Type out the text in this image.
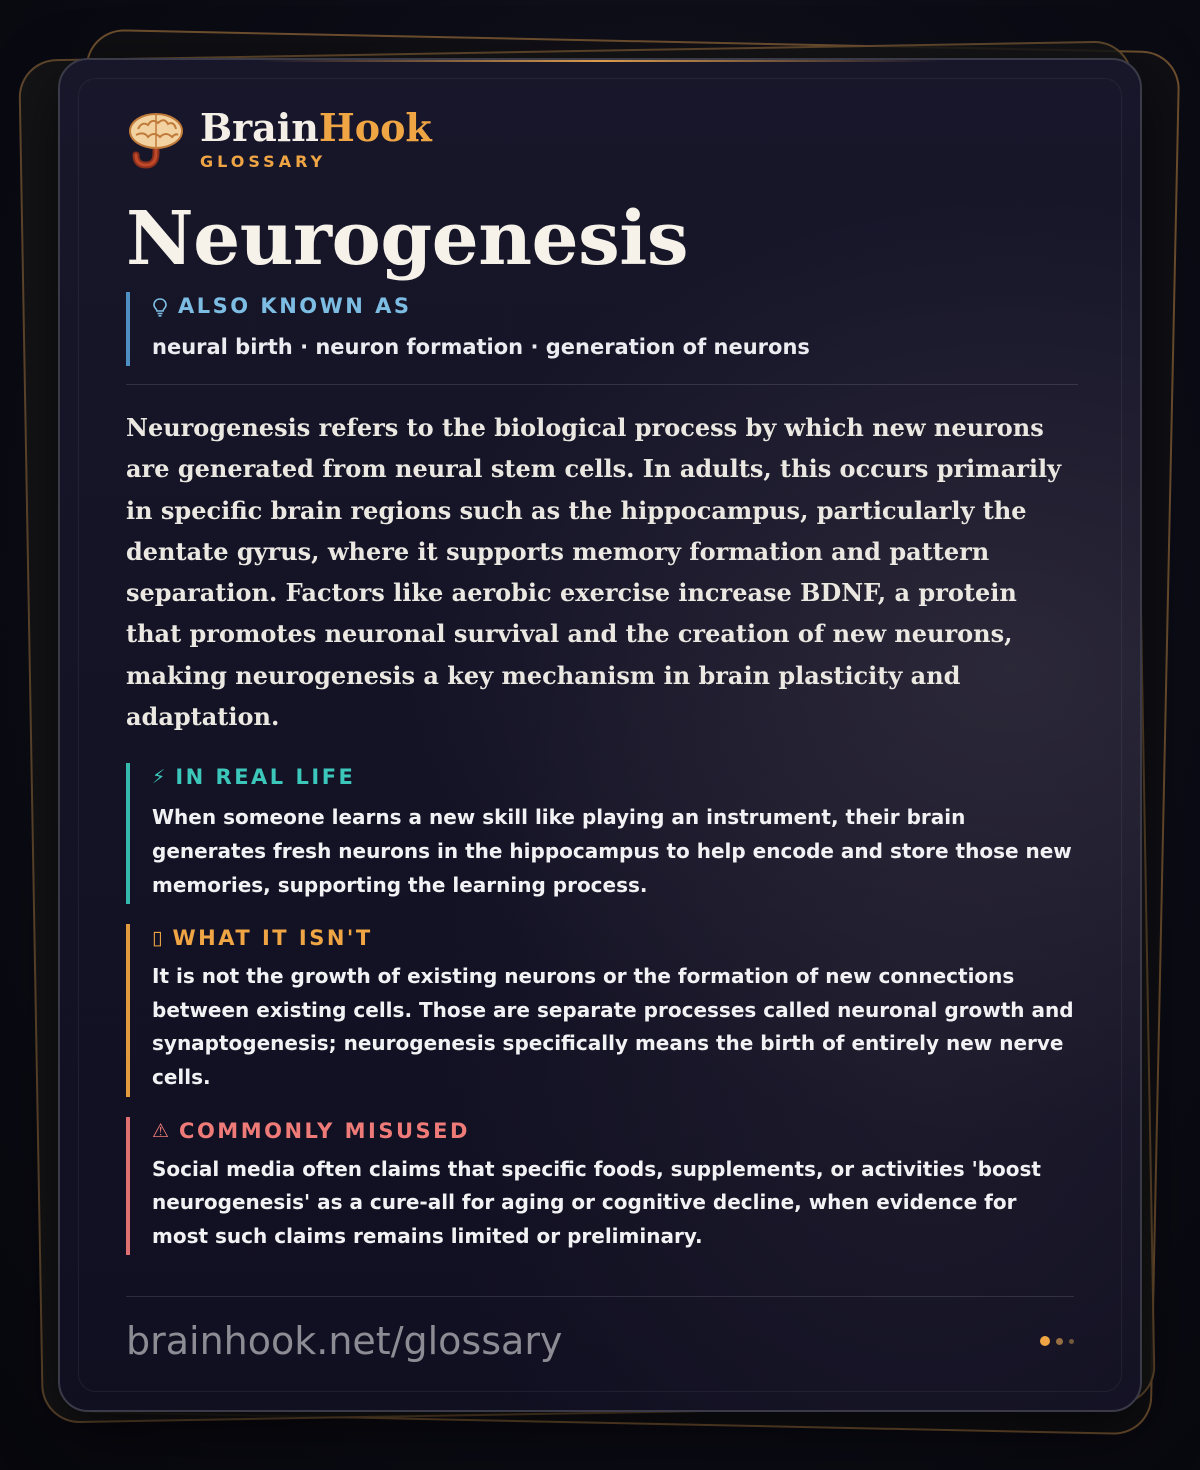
BrainHook
GLOSSARY
Neurogenesis
ALSO KNOWN AS
neural birth · neuron formation · generation of neurons
Neurogenesis refers to the biological process by which new neurons are generated from neural stem cells. In adults, this occurs primarily in specific brain regions such as the hippocampus, particularly the dentate gyrus, where it supports memory formation and pattern separation. Factors like aerobic exercise increase BDNF, a protein that promotes neuronal survival and the creation of new neurons, making neurogenesis a key mechanism in brain plasticity and adaptation.
⚡ IN REAL LIFE
When someone learns a new skill like playing an instrument, their brain generates fresh neurons in the hippocampus to help encode and store those new memories, supporting the learning process.
▯ WHAT IT ISN'T
It is not the growth of existing neurons or the formation of new connections between existing cells. Those are separate processes called neuronal growth and synaptogenesis; neurogenesis specifically means the birth of entirely new nerve cells.
⚠ COMMONLY MISUSED
Social media often claims that specific foods, supplements, or activities 'boost neurogenesis' as a cure-all for aging or cognitive decline, when evidence for most such claims remains limited or preliminary.
brainhook.net/glossary
